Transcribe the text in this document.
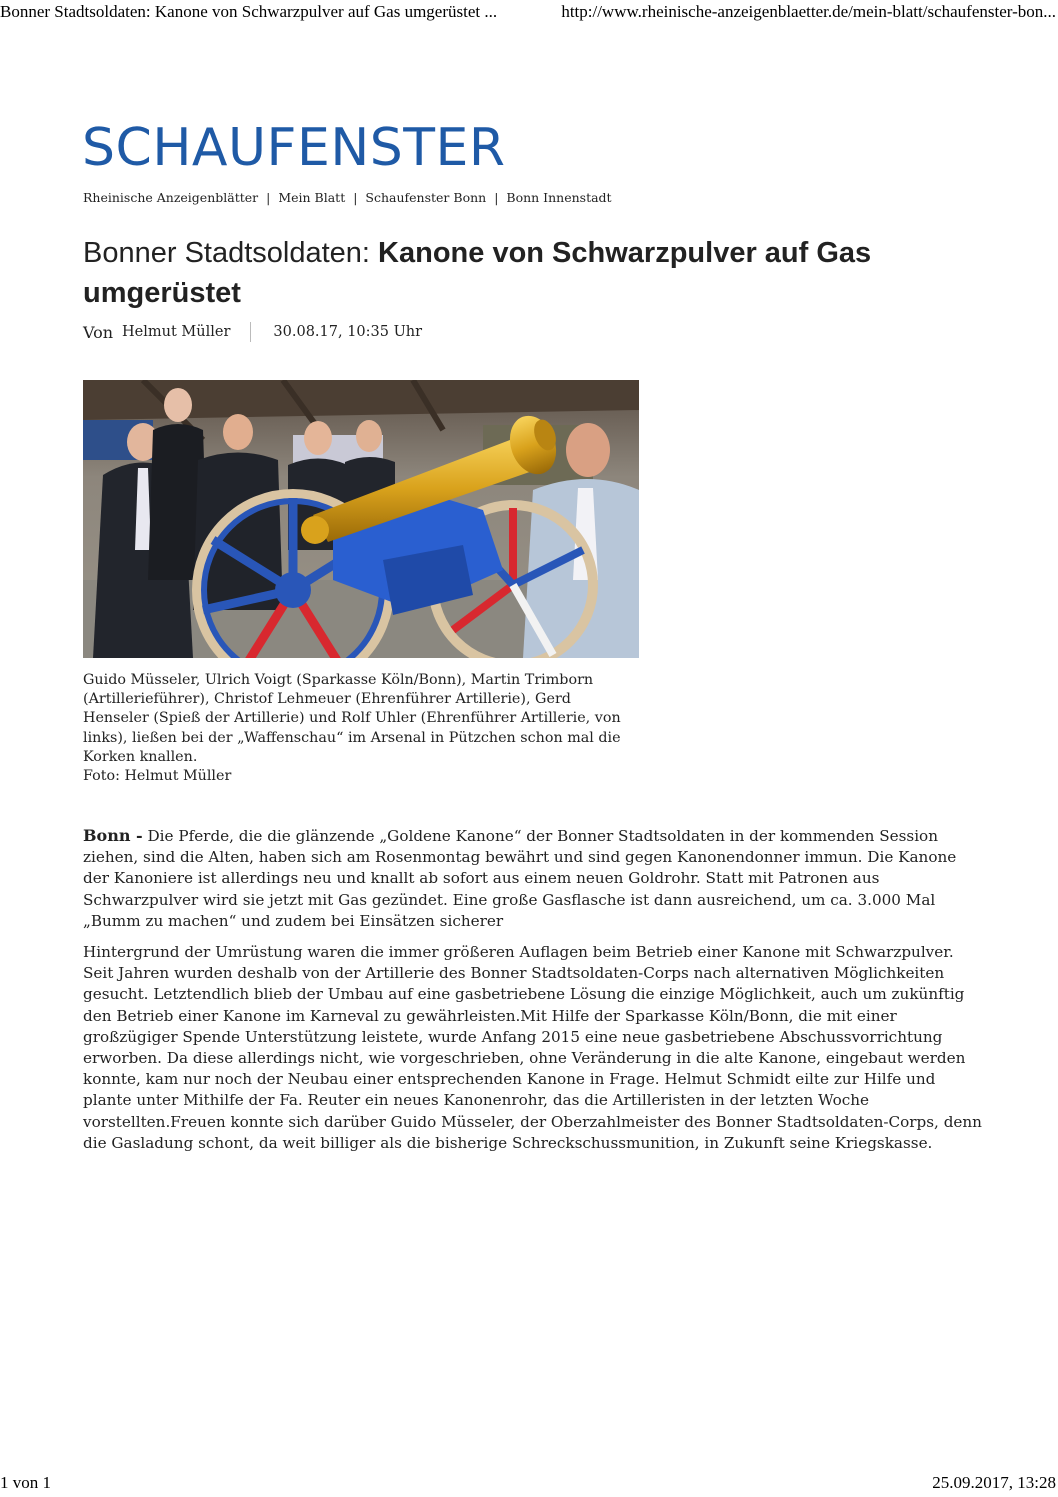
Bonner Stadtsoldaten: Kanone von Schwarzpulver auf Gas umgerüstet ...	http://www.rheinische-anzeigenblaetter.de/mein-blatt/schaufenster-bon...
SCHAUFENSTER
Rheinische Anzeigenblätter | Mein Blatt | Schaufenster Bonn | Bonn Innenstadt
Bonner Stadtsoldaten: Kanone von Schwarzpulver auf Gas umgerüstet
Von Helmut Müller	30.08.17, 10:35 Uhr
Guido Müsseler, Ulrich Voigt (Sparkasse Köln/Bonn), Martin Trimborn
(Artillerieführer), Christof Lehmeuer (Ehrenführer Artillerie), Gerd
Henseler (Spieß der Artillerie) und Rolf Uhler (Ehrenführer Artillerie, von
links), ließen bei der „Waffenschau“ im Arsenal in Pützchen schon mal die
Korken knallen.
Foto: Helmut Müller

Bonn - Die Pferde, die die glänzende „Goldene Kanone“ der Bonner Stadtsoldaten in der kommenden Session ziehen, sind die Alten, haben sich am Rosenmontag bewährt und sind gegen Kanonendonner immun. Die Kanone der Kanoniere ist allerdings neu und knallt ab sofort aus einem neuen Goldrohr. Statt mit Patronen aus Schwarzpulver wird sie jetzt mit Gas gezündet. Eine große Gasflasche ist dann ausreichend, um ca. 3.000 Mal „Bumm zu machen“ und zudem bei Einsätzen sicherer

Hintergrund der Umrüstung waren die immer größeren Auflagen beim Betrieb einer Kanone mit Schwarzpulver. Seit Jahren wurden deshalb von der Artillerie des Bonner Stadtsoldaten-Corps nach alternativen Möglichkeiten gesucht. Letztendlich blieb der Umbau auf eine gasbetriebene Lösung die einzige Möglichkeit, auch um zukünftig den Betrieb einer Kanone im Karneval zu gewährleisten.Mit Hilfe der Sparkasse Köln/Bonn, die mit einer großzügiger Spende Unterstützung leistete, wurde Anfang 2015 eine neue gasbetriebene Abschussvorrichtung erworben. Da diese allerdings nicht, wie vorgeschrieben, ohne Veränderung in die alte Kanone, eingebaut werden konnte, kam nur noch der Neubau einer entsprechenden Kanone in Frage. Helmut Schmidt eilte zur Hilfe und plante unter Mithilfe der Fa. Reuter ein neues Kanonenrohr, das die Artilleristen in der letzten Woche vorstellten.Freuen konnte sich darüber Guido Müsseler, der Oberzahlmeister des Bonner Stadtsoldaten-Corps, denn die Gasladung schont, da weit billiger als die bisherige Schreckschussmunition, in Zukunft seine Kriegskasse.

1 von 1	25.09.2017, 13:28
